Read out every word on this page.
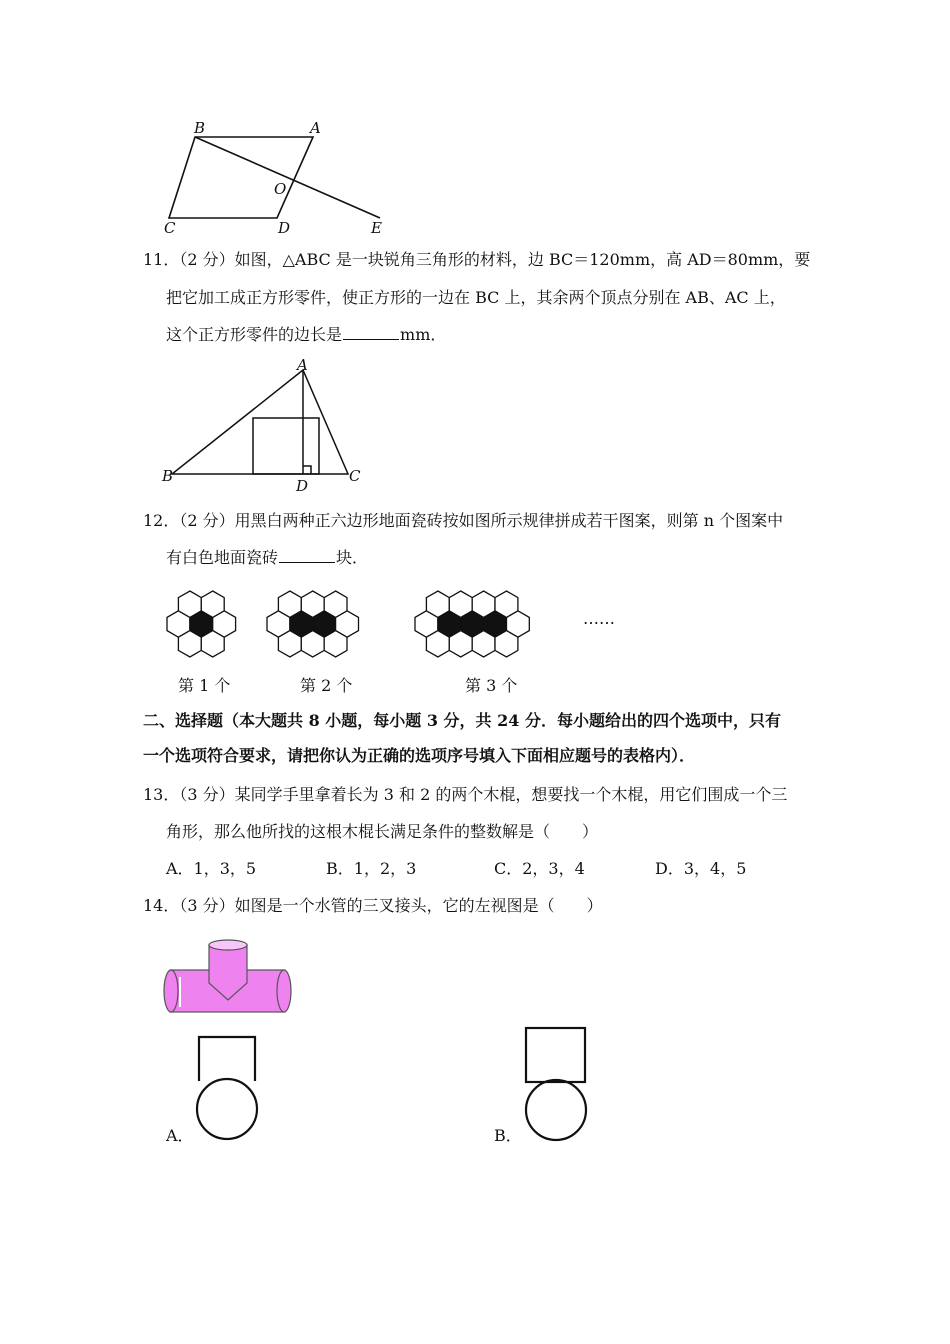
B	A
O
C	D	E
11．（2 分）如图，△ABC 是一块锐角三角形的材料，边 BC＝120mm，高 AD＝80mm，要
把它加工成正方形零件，使正方形的一边在 BC 上，其余两个顶点分别在 AB、AC 上，
这个正方形零件的边长是	mm．
A
B	C
D
12．（2 分）用黑白两种正六边形地面瓷砖按如图所示规律拼成若干图案，则第 n 个图案中
有白色地面瓷砖	块．
……
第 1 个	第 2 个	第 3 个
二、选择题（本大题共 8 小题，每小题 3 分，共 24 分．每小题给出的四个选项中，只有
一个选项符合要求，请把你认为正确的选项序号填入下面相应题号的表格内）．
13．（3 分）某同学手里拿着长为 3 和 2 的两个木棍，想要找一个木棍，用它们围成一个三
角形，那么他所找的这根木棍长满足条件的整数解是（　　）
A．1，3，5	B．1，2，3	C．2，3，4	D．3，4，5
14．（3 分）如图是一个水管的三叉接头，它的左视图是（　　）
A．	B．
